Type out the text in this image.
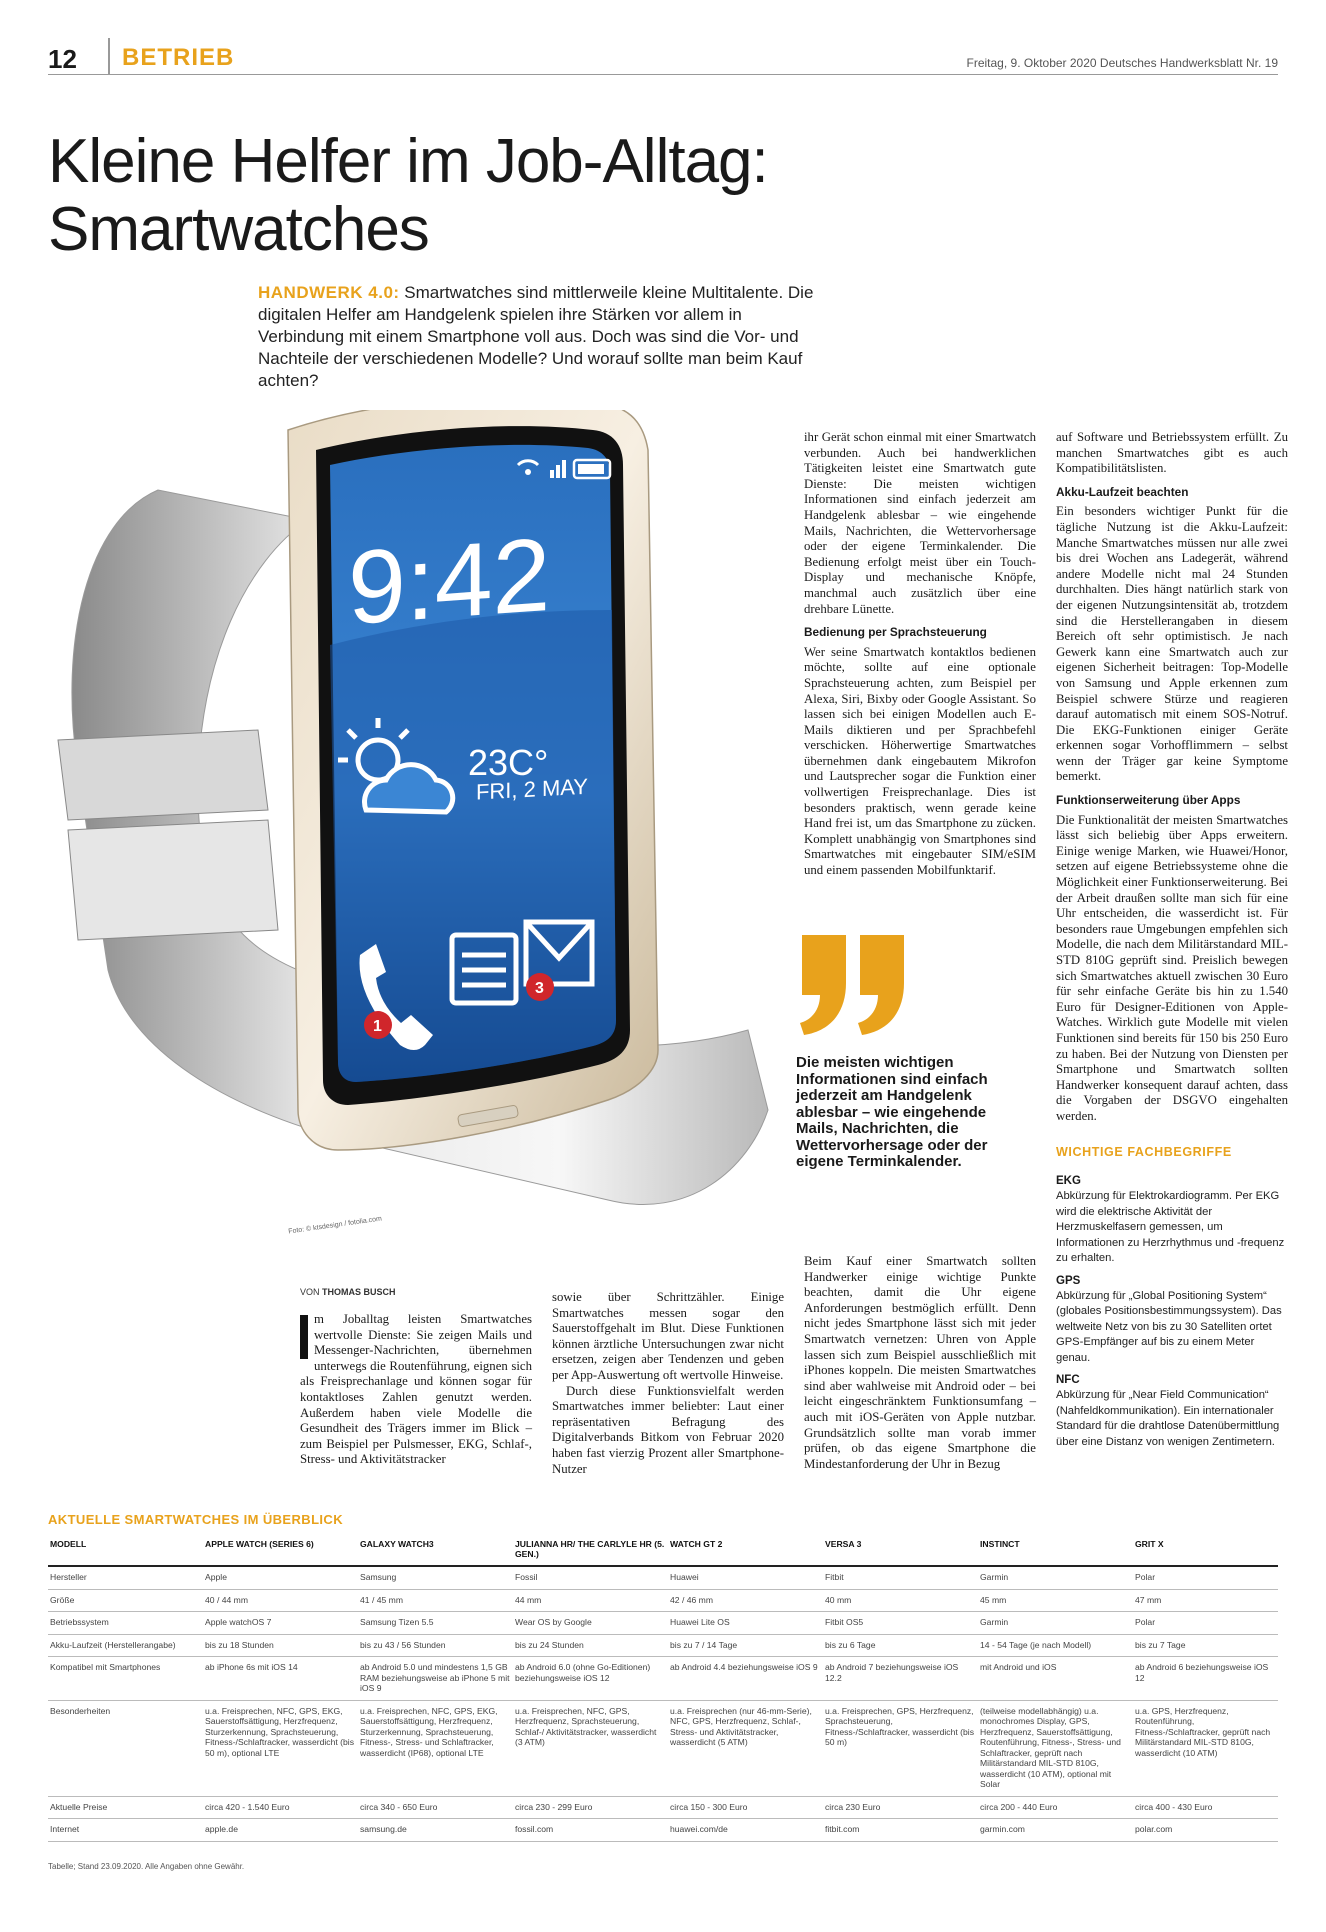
12 BETRIEB	Freitag, 9. Oktober 2020 Deutsches Handwerksblatt Nr. 19
Kleine Helfer im Job-Alltag:
Smartwatches
HANDWERK 4.0: Smartwatches sind mittlerweile kleine Multitalente. Die digitalen Helfer am Handgelenk spielen ihre Stärken vor allem in Verbindung mit einem Smartphone voll aus. Doch was sind die Vor- und Nachteile der verschiedenen Modelle? Und worauf sollte man beim Kauf achten?
9:42
23C°
FRI, 2 MAY
1
3
Foto: © ktsdesign / fotolia.com
VON THOMAS BUSCH

m Joballtag leisten Smartwatches wertvolle Dienste: Sie zeigen Mails und Messenger-Nachrichten, übernehmen unterwegs die Routenführung, eignen sich als Freisprechanlage und können sogar für kontaktloses Zahlen genutzt werden. Außerdem haben viele Modelle die Gesundheit des Trägers immer im Blick – zum Beispiel per Pulsmesser, EKG, Schlaf-, Stress- und Aktivitätstracker

sowie über Schrittzähler. Einige Smartwatches messen sogar den Sauerstoffgehalt im Blut. Diese Funktionen können ärztliche Untersuchungen zwar nicht ersetzen, zeigen aber Tendenzen und geben per App-Auswertung oft wertvolle Hinweise.

Durch diese Funktionsvielfalt werden Smartwatches immer beliebter: Laut einer repräsentativen Befragung des Digitalverbands Bitkom von Februar 2020 haben fast vierzig Prozent aller Smartphone-Nutzer

ihr Gerät schon einmal mit einer Smartwatch verbunden. Auch bei handwerklichen Tätigkeiten leistet eine Smartwatch gute Dienste: Die meisten wichtigen Informationen sind einfach jederzeit am Handgelenk ablesbar – wie eingehende Mails, Nachrichten, die Wettervorhersage oder der eigene Terminkalender. Die Bedienung erfolgt meist über ein Touch-Display und mechanische Knöpfe, manchmal auch zusätzlich über eine drehbare Lünette.

Bedienung per Sprachsteuerung

Wer seine Smartwatch kontaktlos bedienen möchte, sollte auf eine optionale Sprachsteuerung achten, zum Beispiel per Alexa, Siri, Bixby oder Google Assistant. So lassen sich bei einigen Modellen auch E-Mails diktieren und per Sprachbefehl verschicken. Höherwertige Smartwatches übernehmen dank eingebautem Mikrofon und Lautsprecher sogar die Funktion einer vollwertigen Freisprechanlage. Dies ist besonders praktisch, wenn gerade keine Hand frei ist, um das Smartphone zu zücken. Komplett unabhängig von Smartphones sind Smartwatches mit eingebauter SIM/eSIM und einem passenden Mobilfunktarif.

Die meisten wichtigen Informationen sind einfach jederzeit am Handgelenk ablesbar – wie eingehende Mails, Nachrichten, die Wettervorhersage oder der eigene Terminkalender.

Beim Kauf einer Smartwatch sollten Handwerker einige wichtige Punkte beachten, damit die Uhr eigene Anforderungen bestmöglich erfüllt. Denn nicht jedes Smartphone lässt sich mit jeder Smartwatch vernetzen: Uhren von Apple lassen sich zum Beispiel ausschließlich mit iPhones koppeln. Die meisten Smartwatches sind aber wahlweise mit Android oder – bei leicht eingeschränktem Funktionsumfang – auch mit iOS-Geräten von Apple nutzbar. Grundsätzlich sollte man vorab immer prüfen, ob das eigene Smartphone die Mindestanforderung der Uhr in Bezug

auf Software und Betriebssystem erfüllt. Zu manchen Smartwatches gibt es auch Kompatibilitätslisten.

Akku-Laufzeit beachten

Ein besonders wichtiger Punkt für die tägliche Nutzung ist die Akku-Laufzeit: Manche Smartwatches müssen nur alle zwei bis drei Wochen ans Ladegerät, während andere Modelle nicht mal 24 Stunden durchhalten. Dies hängt natürlich stark von der eigenen Nutzungsintensität ab, trotzdem sind die Herstellerangaben in diesem Bereich oft sehr optimistisch. Je nach Gewerk kann eine Smartwatch auch zur eigenen Sicherheit beitragen: Top-Modelle von Samsung und Apple erkennen zum Beispiel schwere Stürze und reagieren darauf automatisch mit einem SOS-Notruf. Die EKG-Funktionen einiger Geräte erkennen sogar Vorhofflimmern – selbst wenn der Träger gar keine Symptome bemerkt.

Funktionserweiterung über Apps

Die Funktionalität der meisten Smartwatches lässt sich beliebig über Apps erweitern. Einige wenige Marken, wie Huawei/Honor, setzen auf eigene Betriebssysteme ohne die Möglichkeit einer Funktionserweiterung. Bei der Arbeit draußen sollte man sich für eine Uhr entscheiden, die wasserdicht ist. Für besonders raue Umgebungen empfehlen sich Modelle, die nach dem Militärstandard MIL-STD 810G geprüft sind. Preislich bewegen sich Smartwatches aktuell zwischen 30 Euro für sehr einfache Geräte bis hin zu 1.540 Euro für Designer-Editionen von Apple-Watches. Wirklich gute Modelle mit vielen Funktionen sind bereits für 150 bis 250 Euro zu haben. Bei der Nutzung von Diensten per Smartphone und Smartwatch sollten Handwerker konsequent darauf achten, dass die Vorgaben der DSGVO eingehalten werden.

WICHTIGE FACHBEGRIFFE
EKG
Abkürzung für Elektrokardiogramm. Per EKG wird die elektrische Aktivität der Herzmuskelfasern gemessen, um Informationen zu Herzrhythmus und -frequenz zu erhalten.
GPS
Abkürzung für „Global Positioning System“ (globales Positionsbestimmungssystem). Das weltweite Netz von bis zu 30 Satelliten ortet GPS-Empfänger auf bis zu einem Meter genau.
NFC
Abkürzung für „Near Field Communication“ (Nahfeldkommunikation). Ein internationaler Standard für die drahtlose Datenübermittlung über eine Distanz von wenigen Zentimetern.
AKTUELLE SMARTWATCHES IM ÜBERBLICK
MODELL	APPLE WATCH (SERIES 6)	GALAXY WATCH3	JULIANNA HR/ THE CARLYLE HR (5. GEN.)	WATCH GT 2	VERSA 3	INSTINCT	GRIT X
Hersteller	Apple	Samsung	Fossil	Huawei	Fitbit	Garmin	Polar
Größe	40 / 44 mm	41 / 45 mm	44 mm	42 / 46 mm	40 mm	45 mm	47 mm
Betriebssystem	Apple watchOS 7	Samsung Tizen 5.5	Wear OS by Google	Huawei Lite OS	Fitbit OS5	Garmin	Polar
Akku-Laufzeit (Herstellerangabe)	bis zu 18 Stunden	bis zu 43 / 56 Stunden	bis zu 24 Stunden	bis zu 7 / 14 Tage	bis zu 6 Tage	14 - 54 Tage (je nach Modell)	bis zu 7 Tage
Kompatibel mit Smartphones	ab iPhone 6s mit iOS 14	ab Android 5.0 und mindestens 1,5 GB RAM beziehungsweise ab iPhone 5 mit iOS 9	ab Android 6.0 (ohne Go-Editionen) beziehungsweise iOS 12	ab Android 4.4 beziehungsweise iOS 9	ab Android 7 beziehungsweise iOS 12.2	mit Android und iOS	ab Android 6 beziehungsweise iOS 12
Besonderheiten	u.a. Freisprechen, NFC, GPS, EKG, Sauerstoffsättigung, Herzfrequenz, Sturzerkennung, Sprachsteuerung, Fitness-/Schlaftracker, wasserdicht (bis 50 m), optional LTE	u.a. Freisprechen, NFC, GPS, EKG, Sauerstoffsättigung, Herzfrequenz, Sturzerkennung, Sprachsteuerung, Fitness-, Stress- und Schlaftracker, wasserdicht (IP68), optional LTE	u.a. Freisprechen, NFC, GPS, Herzfrequenz, Sprachsteuerung, Schlaf-/ Aktivitätstracker, wasserdicht (3 ATM)	u.a. Freisprechen (nur 46-mm-Serie), NFC, GPS, Herzfrequenz, Schlaf-, Stress- und Aktivitätstracker, wasserdicht (5 ATM)	u.a. Freisprechen, GPS, Herzfrequenz, Sprachsteuerung, Fitness-/Schlaftracker, wasserdicht (bis 50 m)	(teilweise modellabhängig) u.a. monochromes Display, GPS, Herzfrequenz, Sauerstoffsättigung, Routenführung, Fitness-, Stress- und Schlaftracker, geprüft nach Militärstandard MIL-STD 810G, wasserdicht (10 ATM), optional mit Solar	u.a. GPS, Herzfrequenz, Routenführung, Fitness-/Schlaftracker, geprüft nach Militärstandard MIL-STD 810G, wasserdicht (10 ATM)
Aktuelle Preise	circa 420 - 1.540 Euro	circa 340 - 650 Euro	circa 230 - 299 Euro	circa 150 - 300 Euro	circa 230 Euro	circa 200 - 440 Euro	circa 400 - 430 Euro
Internet	apple.de	samsung.de	fossil.com	huawei.com/de	fitbit.com	garmin.com	polar.com
Tabelle; Stand 23.09.2020. Alle Angaben ohne Gewähr.
